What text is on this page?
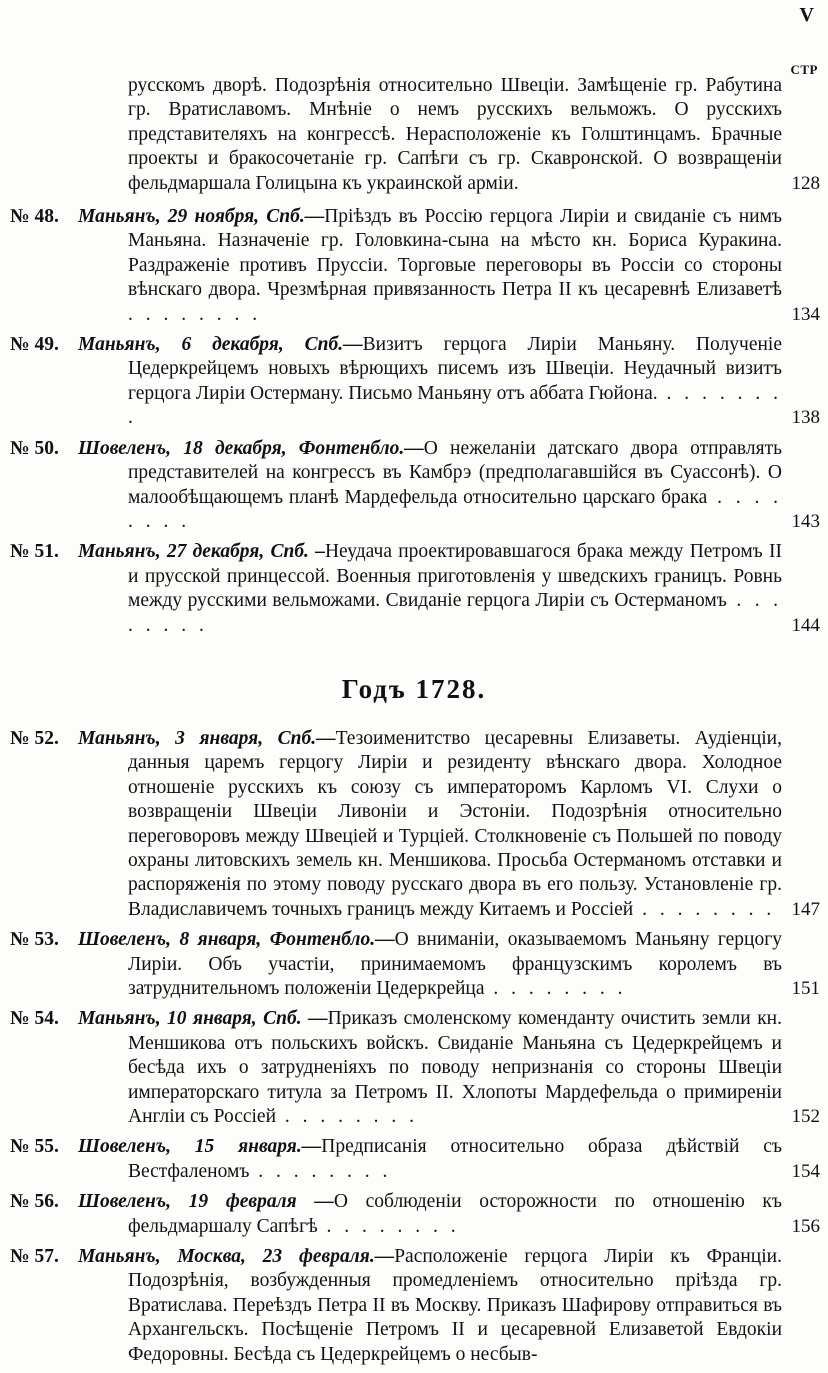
V
СТР
русскомъ дворѣ. Подозрѣнія относительно Швеціи. Замѣщеніе гр. Рабутина гр. Вратиславомъ. Мнѣніе о немъ русскихъ вельможъ. О русскихъ представителяхъ на конгрессѣ. Нерасположеніе къ Голштинцамъ. Брачные проекты и бракосочетаніе гр. Сапѣги съ гр. Скавронской. О возвращеніи фельдмаршала Голицына къ украинской арміи.	128
№ 48. Маньянъ, 29 ноября, Спб.—Пріѣздъ въ Россію герцога Лиріи и свиданіе съ нимъ Маньяна. Назначеніе гр. Головкина-сына на мѣсто кн. Бориса Куракина. Раздраженіе противъ Пруссіи. Торговые переговоры въ Россіи со стороны вѣнскаго двора. Чрезмѣрная привязанность Петра II къ цесаревнѣ Елизаветѣ . . . . . . . .	134
№ 49. Маньянъ, 6 декабря, Спб.—Визитъ герцога Лиріи Маньяну. Полученіе Цедеркрейцемъ новыхъ вѣрющихъ писемъ изъ Швеціи. Неудачный визитъ герцога Лиріи Остерману. Письмо Маньяну отъ аббата Гюйона. . . . . . . . .	138
№ 50. Шовеленъ, 18 декабря, Фонтенбло.—О нежеланіи датскаго двора отправлять представителей на конгрессъ въ Камбрэ (предполагавшійся въ Суассонѣ). О малообѣщающемъ планѣ Мардефельда относительно царскаго брака . . . . . . . .	143
№ 51. Маньянъ, 27 декабря, Спб. –Неудача проектировавшагося брака между Петромъ II и прусской принцессой. Военныя приготовленія у шведскихъ границъ. Ровнь между русскими вельможами. Свиданіе герцога Лиріи съ Остерманомъ . . . . . . . .	144
Годъ 1728.
№ 52. Маньянъ, 3 января, Спб.—Тезоименитство цесаревны Елизаветы. Аудіенціи, данныя царемъ герцогу Лиріи и резиденту вѣнскаго двора. Холодное отношеніе русскихъ къ союзу съ императоромъ Карломъ VI. Слухи о возвращеніи Швеціи Ливоніи и Эстоніи. Подозрѣнія относительно переговоровъ между Швеціей и Турціей. Столкновеніе съ Польшей по поводу охраны литовскихъ земель кн. Меншикова. Просьба Остерманомъ отставки и распоряженія по этому поводу русскаго двора въ его пользу. Установленіе гр. Владиславичемъ точныхъ границъ между Китаемъ и Россіей . . . . . . . . 147
№ 53. Шовеленъ, 8 января, Фонтенбло.—О вниманіи, оказываемомъ Маньяну герцогу Лиріи. Объ участіи, принимаемомъ французскимъ королемъ въ затруднительномъ положеніи Цедеркрейца . . . . . . . .	151
№ 54. Маньянъ, 10 января, Спб. —Приказъ смоленскому коменданту очистить земли кн. Меншикова отъ польскихъ войскъ. Свиданіе Маньяна съ Цедеркрейцемъ и бесѣда ихъ о затрудненіяхъ по поводу непризнанія со стороны Швеціи императорскаго титула за Петромъ II. Хлопоты Мардефельда о примиреніи Англіи съ Россіей . . . . . . . .	152
№ 55. Шовеленъ, 15 января.—Предписанія относительно образа дѣйствій съ Вестфаленомъ . . . . . . . .	154
№ 56. Шовеленъ, 19 февраля —О соблюденіи осторожности по отношенію къ фельдмаршалу Сапѣгѣ . . . . . . . .	156
№ 57. Маньянъ, Москва, 23 февраля.—Расположеніе герцога Лиріи къ Франціи. Подозрѣнія, возбужденныя промедленіемъ относительно пріѣзда гр. Вратислава. Переѣздъ Петра II въ Москву. Приказъ Шафирову отправиться въ Архангельскъ. Посѣщеніе Петромъ II и цесаревной Елизаветой Евдокіи Федоровны. Бесѣда съ Цедеркрейцемъ о несбыв-
